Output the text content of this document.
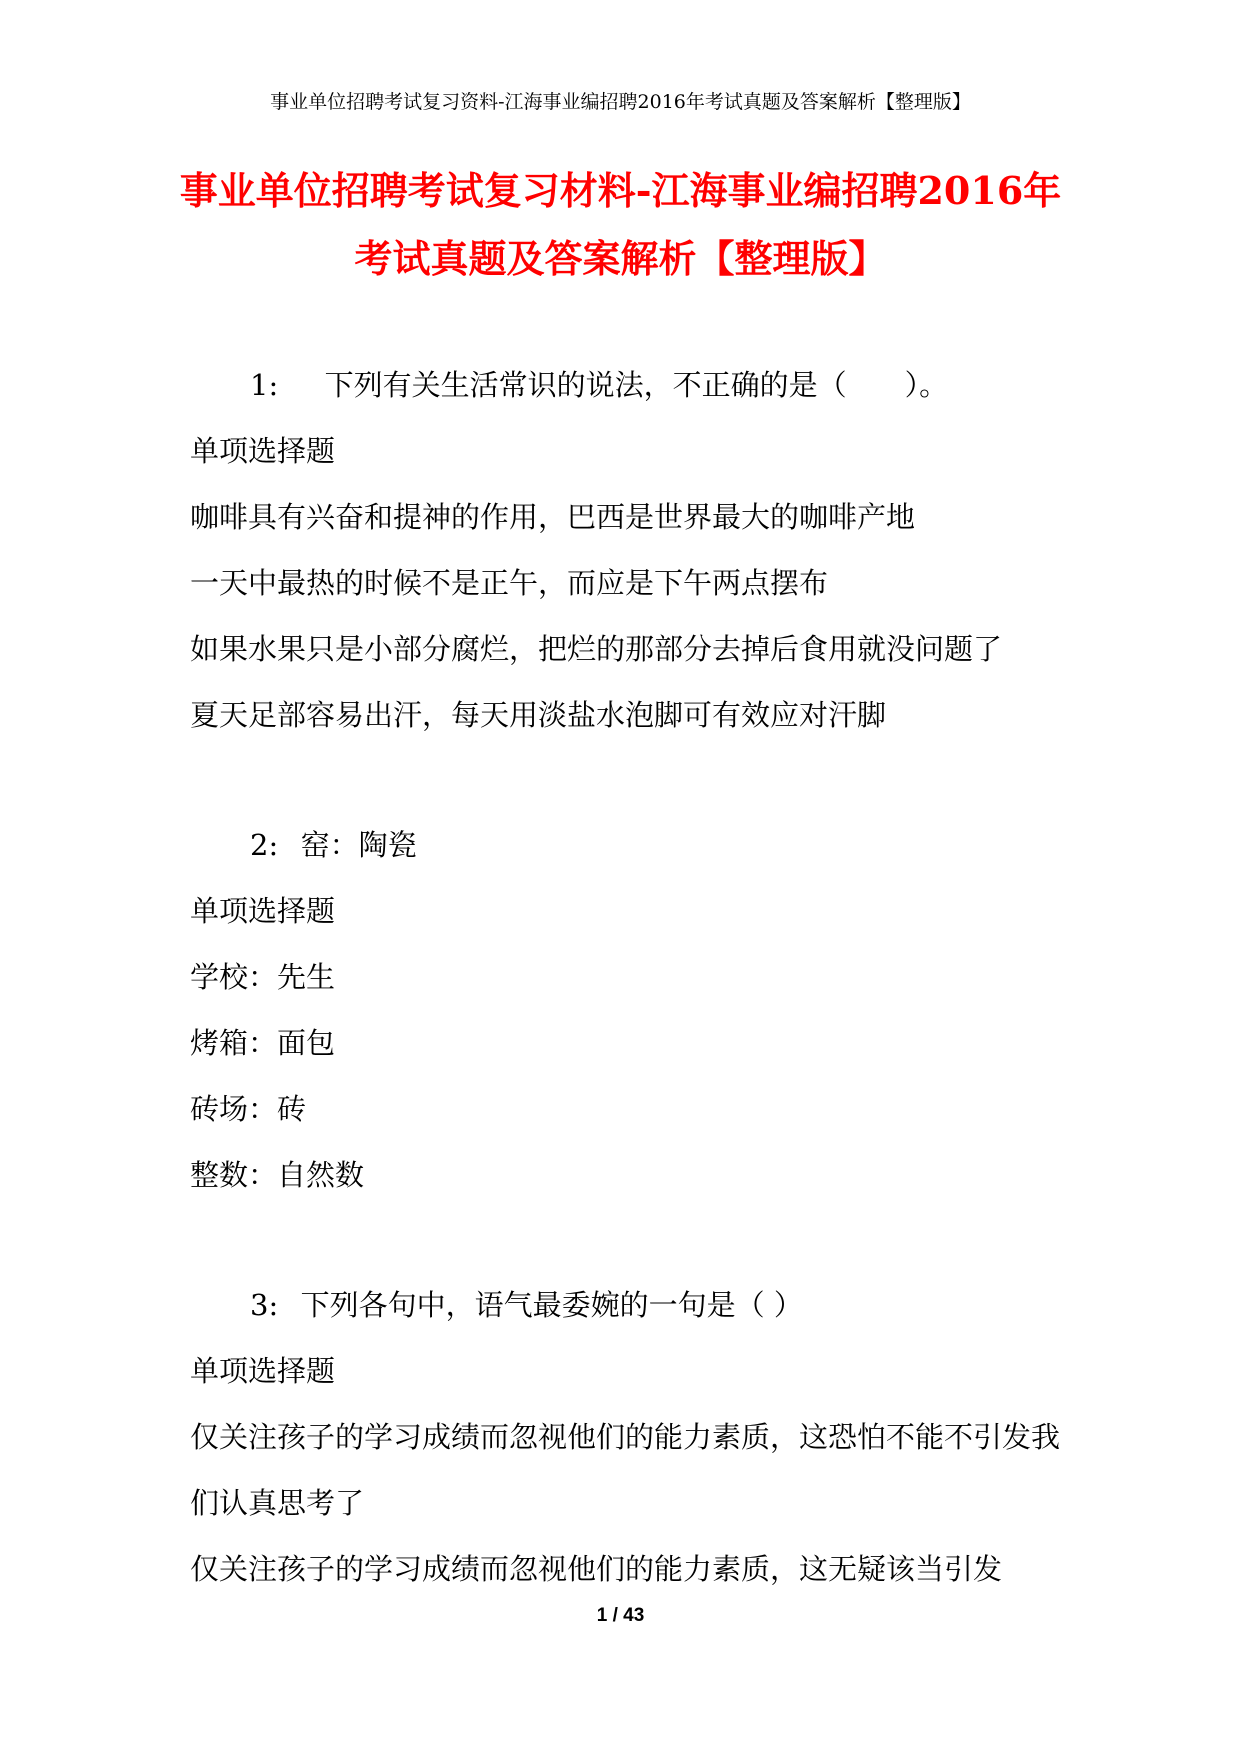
事业单位招聘考试复习资料-江海事业编招聘2016年考试真题及答案解析【整理版】
事业单位招聘考试复习材料-江海事业编招聘2016年
考试真题及答案解析【整理版】
1: 下列有关生活常识的说法，不正确的是（　　）。
单项选择题
咖啡具有兴奋和提神的作用，巴西是世界最大的咖啡产地
一天中最热的时候不是正午，而应是下午两点摆布
如果水果只是小部分腐烂，把烂的那部分去掉后食用就没问题了
夏天足部容易出汗，每天用淡盐水泡脚可有效应对汗脚
2: 窑：陶瓷
单项选择题
学校：先生
烤箱：面包
砖场：砖
整数：自然数
3: 下列各句中，语气最委婉的一句是（ ）
单项选择题
仅关注孩子的学习成绩而忽视他们的能力素质，这恐怕不能不引发我们认真思考了
仅关注孩子的学习成绩而忽视他们的能力素质，这无疑该当引发
1 / 43
